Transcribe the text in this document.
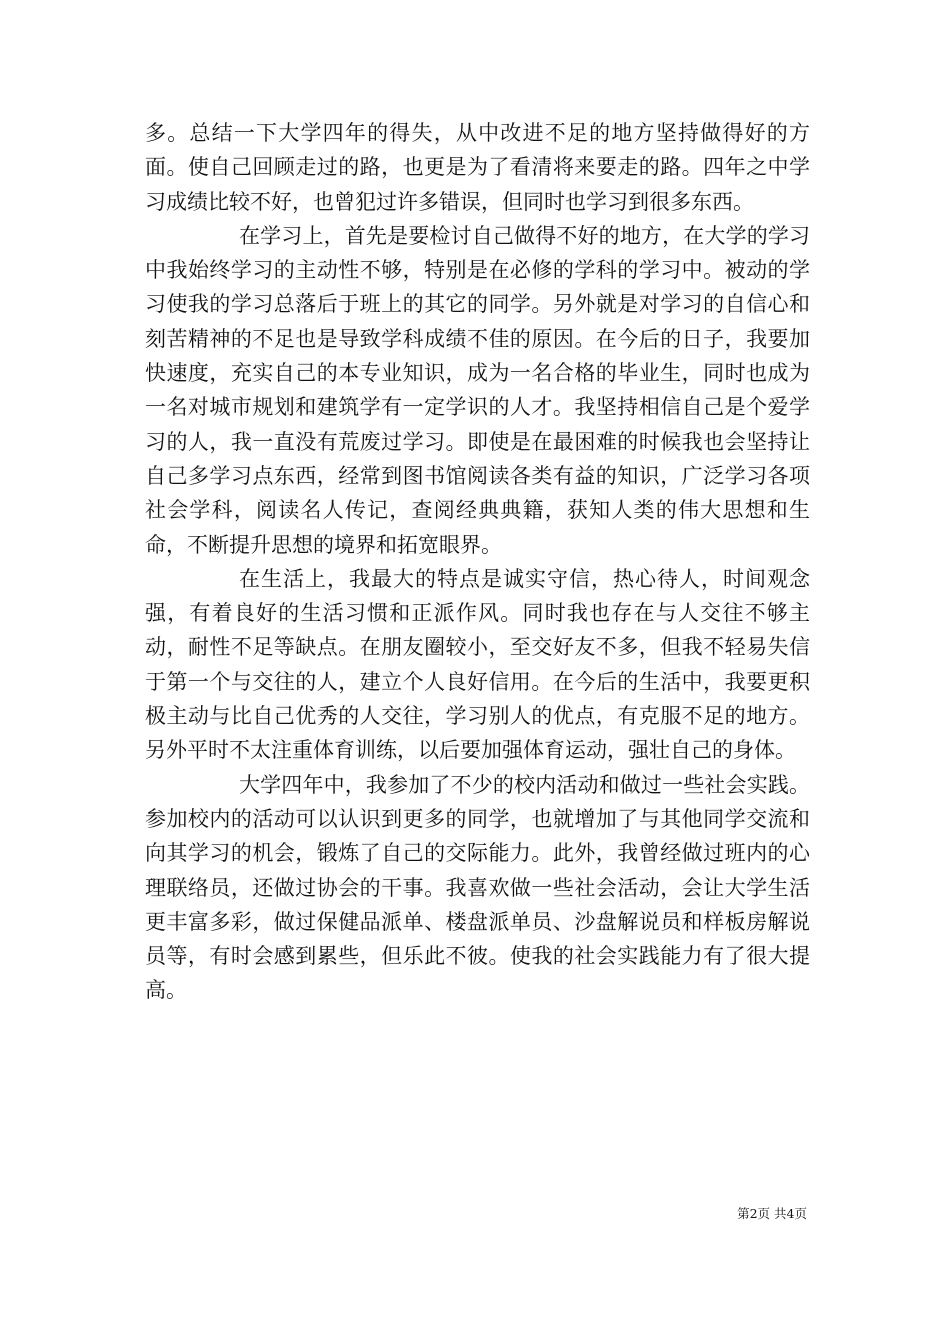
多。总结一下大学四年的得失，从中改进不足的地方坚持做得好的方面。使自己回顾走过的路，也更是为了看清将来要走的路。四年之中学习成绩比较不好，也曾犯过许多错误，但同时也学习到很多东西。

在学习上，首先是要检讨自己做得不好的地方，在大学的学习中我始终学习的主动性不够，特别是在必修的学科的学习中。被动的学习使我的学习总落后于班上的其它的同学。另外就是对学习的自信心和刻苦精神的不足也是导致学科成绩不佳的原因。在今后的日子，我要加快速度，充实自己的本专业知识，成为一名合格的毕业生，同时也成为一名对城市规划和建筑学有一定学识的人才。我坚持相信自己是个爱学习的人，我一直没有荒废过学习。即使是在最困难的时候我也会坚持让自己多学习点东西，经常到图书馆阅读各类有益的知识，广泛学习各项社会学科，阅读名人传记，查阅经典典籍，获知人类的伟大思想和生命，不断提升思想的境界和拓宽眼界。

在生活上，我最大的特点是诚实守信，热心待人，时间观念强，有着良好的生活习惯和正派作风。同时我也存在与人交往不够主动，耐性不足等缺点。在朋友圈较小，至交好友不多，但我不轻易失信于第一个与交往的人，建立个人良好信用。在今后的生活中，我要更积极主动与比自己优秀的人交往，学习别人的优点，有克服不足的地方。另外平时不太注重体育训练，以后要加强体育运动，强壮自己的身体。

大学四年中，我参加了不少的校内活动和做过一些社会实践。参加校内的活动可以认识到更多的同学，也就增加了与其他同学交流和向其学习的机会，锻炼了自己的交际能力。此外，我曾经做过班内的心理联络员，还做过协会的干事。我喜欢做一些社会活动，会让大学生活更丰富多彩，做过保健品派单、楼盘派单员、沙盘解说员和样板房解说员等，有时会感到累些，但乐此不彼。使我的社会实践能力有了很大提高。

第2页 共4页
